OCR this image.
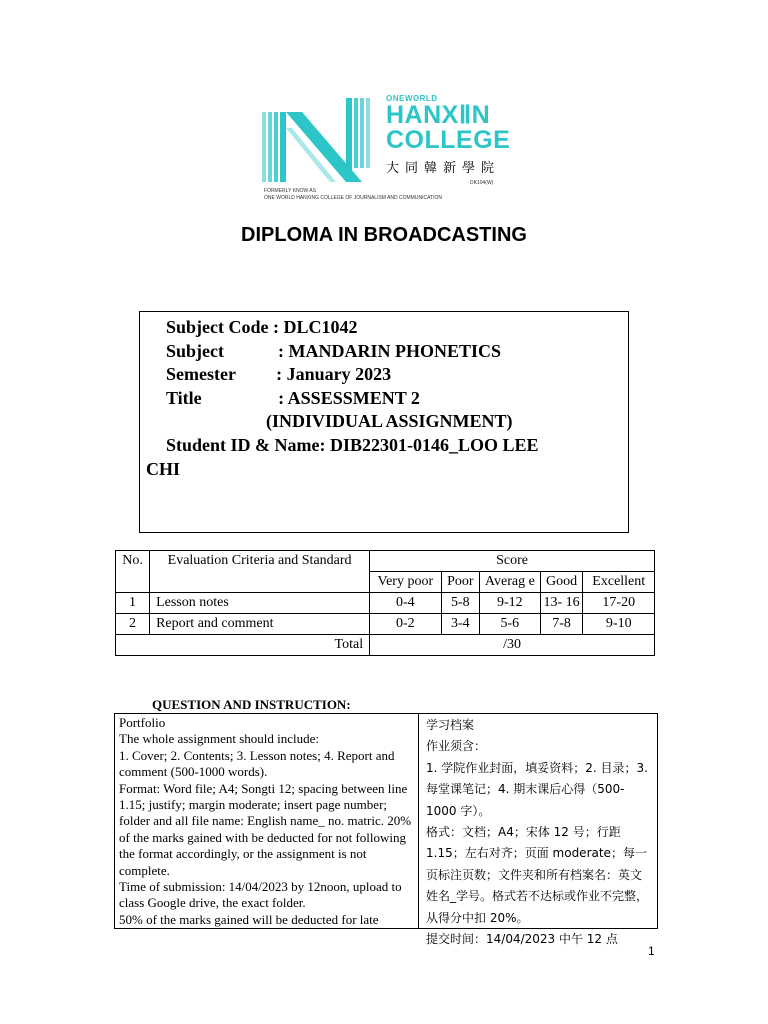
ONEWORLD
HANXⅡN
COLLEGE
大同韓新學院
DK104(W)
FORMERLY KNOW AS
ONE WORLD HANXING COLLEGE OF JOURNALISM AND COMMUNICATION
DIPLOMA IN BROADCASTING
Subject Code : DLC1042
Subject            : MANDARIN PHONETICS
Semester         : January 2023
Title                 : ASSESSMENT 2
(INDIVIDUAL ASSIGNMENT)
Student ID & Name: DIB22301-0146_LOO LEE
CHI
No.	Evaluation Criteria and Standard	Score				
		Very poor	Poor	Averag e	Good	Excellent
1	Lesson notes	0-4	5-8	9-12	13- 16	17-20
2	Report and comment	0-2	3-4	5-6	7-8	9-10
Total		/30				
QUESTION AND INSTRUCTION:
Portfolio
The whole assignment should include:
1. Cover; 2. Contents; 3. Lesson notes; 4. Report and comment (500-1000 words).
Format: Word file; A4; Songti 12; spacing between line 1.15; justify; margin moderate; insert page number; folder and all file name: English name_ no. matric. 20% of the marks gained with be deducted for not following the format accordingly, or the assignment is not complete.
Time of submission: 14/04/2023 by 12noon, upload to class Google drive, the exact folder.
50% of the marks gained will be deducted for late
学习档案
作业须含：
1. 学院作业封面，填妥资料；2. 目录；3. 每堂课笔记；4. 期末课后心得（500-1000 字）。
格式：文档；A4；宋体 12 号；行距 1.15；左右对齐；页面 moderate；每一页标注页数；文件夹和所有档案名：英文姓名_学号。格式若不达标或作业不完整，从得分中扣 20%。
提交时间：14/04/2023 中午 12 点
1
